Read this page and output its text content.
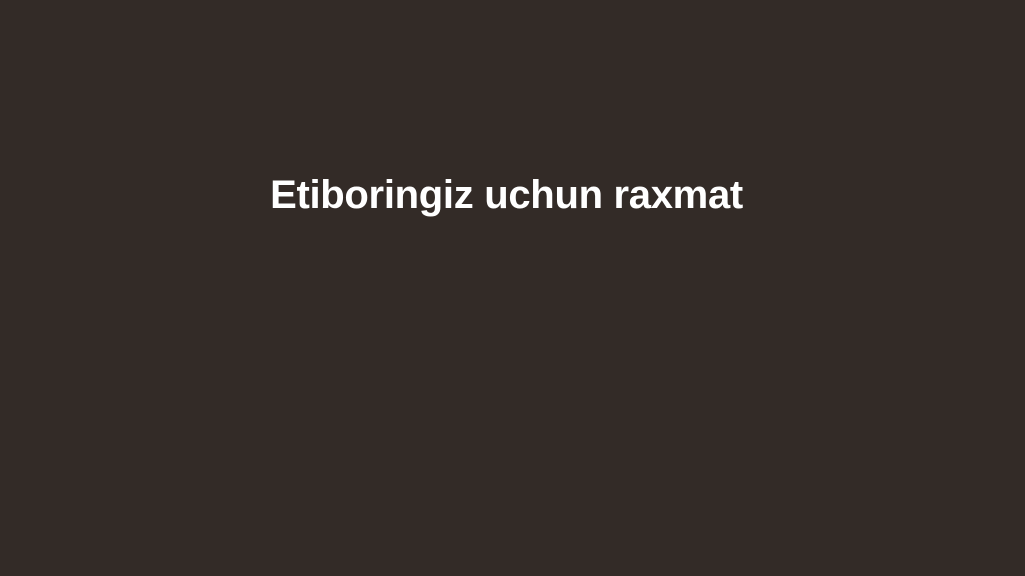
Etiboringiz uchun raxmat
